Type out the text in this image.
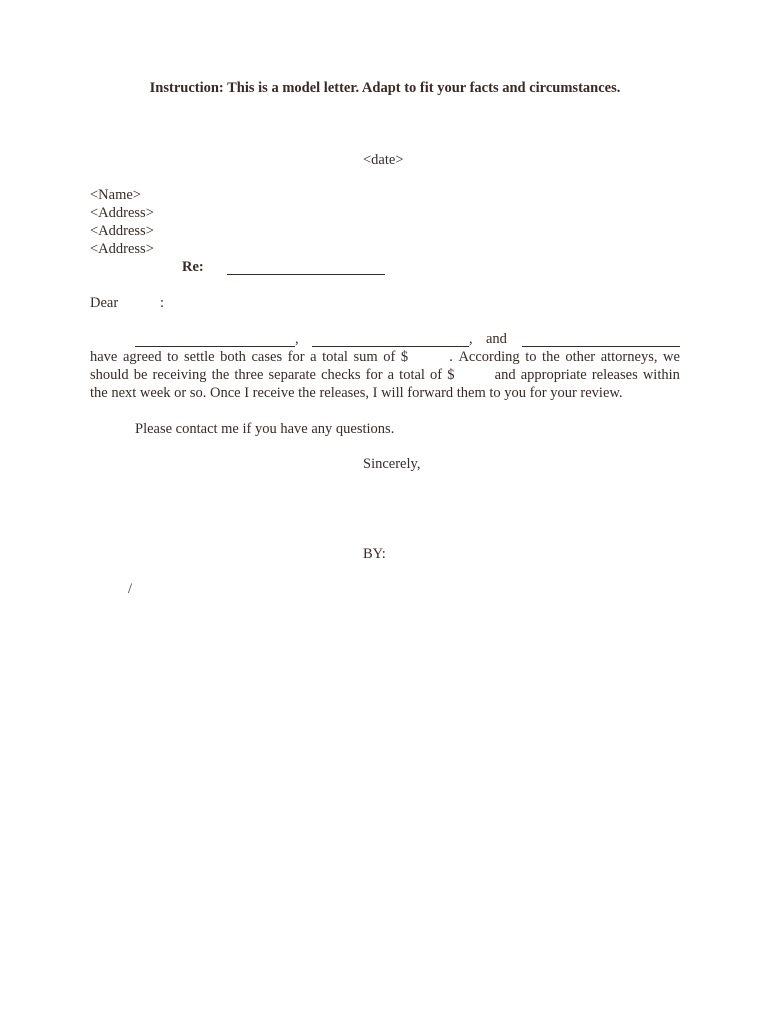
Instruction: This is a model letter. Adapt to fit your facts and circumstances.
<date>
<Name>
<Address>
<Address>
<Address>
Re:
Dear	:
,	, and
have agreed to settle both cases for a total sum of $	. According to the other attorneys, we
should be receiving the three separate checks for a total of $	and appropriate releases within
the next week or so. Once I receive the releases, I will forward them to you for your review.
Please contact me if you have any questions.
Sincerely,
BY:
/
